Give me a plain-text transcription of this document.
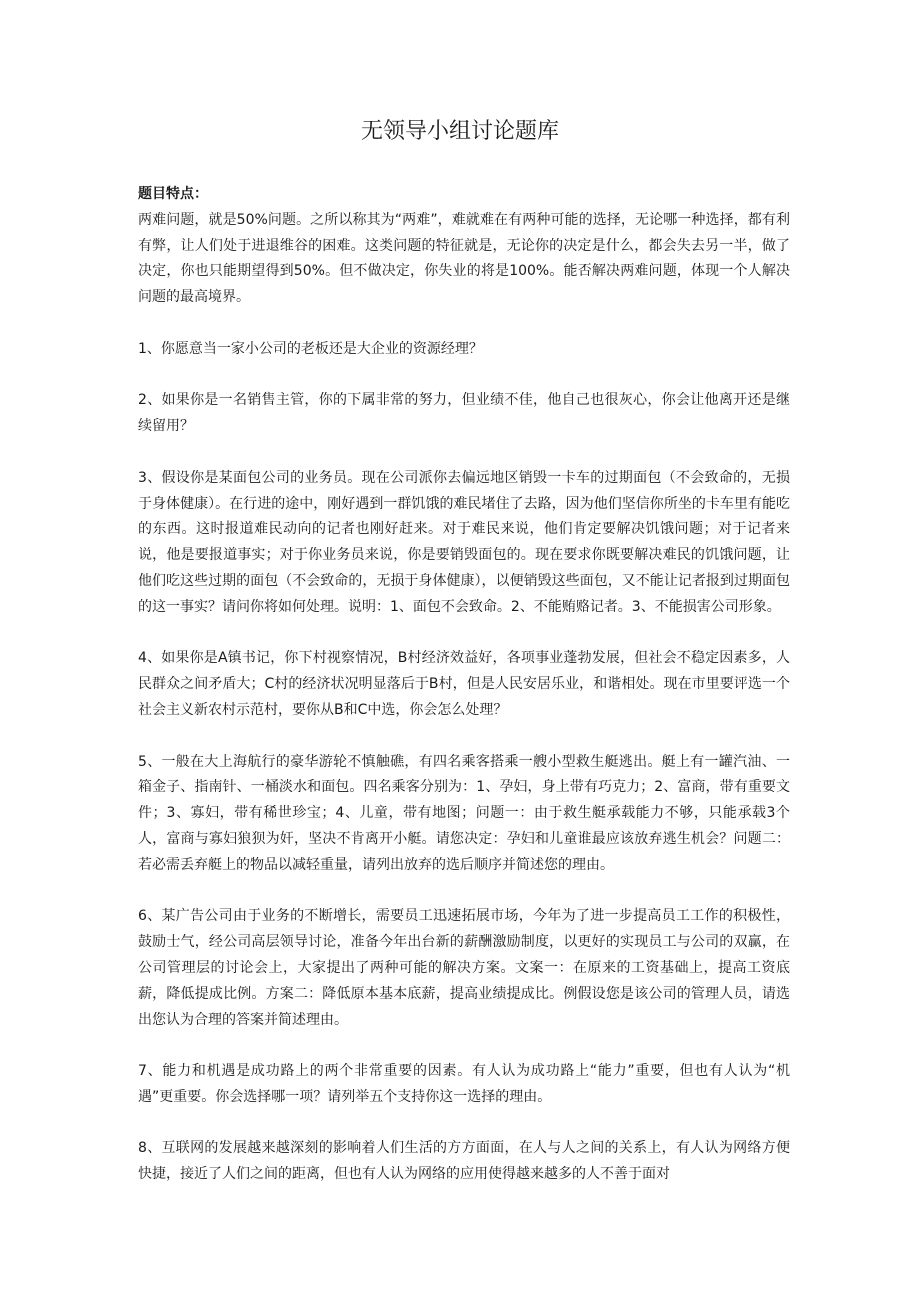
无领导小组讨论题库

题目特点：

两难问题，就是50%问题。之所以称其为“两难”，难就难在有两种可能的选择，无论哪一种选择，都有利有弊，让人们处于进退维谷的困难。这类问题的特征就是，无论你的决定是什么，都会失去另一半，做了决定，你也只能期望得到50%。但不做决定，你失业的将是100%。能否解决两难问题，体现一个人解决问题的最高境界。

1、你愿意当一家小公司的老板还是大企业的资源经理？

2、如果你是一名销售主管，你的下属非常的努力，但业绩不佳，他自己也很灰心，你会让他离开还是继续留用？

3、假设你是某面包公司的业务员。现在公司派你去偏远地区销毁一卡车的过期面包（不会致命的，无损于身体健康）。在行进的途中，刚好遇到一群饥饿的难民堵住了去路，因为他们坚信你所坐的卡车里有能吃的东西。这时报道难民动向的记者也刚好赶来。对于难民来说，他们肯定要解决饥饿问题；对于记者来说，他是要报道事实；对于你业务员来说，你是要销毁面包的。现在要求你既要解决难民的饥饿问题，让他们吃这些过期的面包（不会致命的，无损于身体健康），以便销毁这些面包，又不能让记者报到过期面包的这一事实？请问你将如何处理。说明：1、面包不会致命。2、不能贿赂记者。3、不能损害公司形象。

4、如果你是A镇书记，你下村视察情况，B村经济效益好，各项事业蓬勃发展，但社会不稳定因素多，人民群众之间矛盾大；C村的经济状况明显落后于B村，但是人民安居乐业，和谐相处。现在市里要评选一个社会主义新农村示范村，要你从B和C中选，你会怎么处理？

5、一般在大上海航行的豪华游轮不慎触礁，有四名乘客搭乘一艘小型救生艇逃出。艇上有一罐汽油、一箱金子、指南针、一桶淡水和面包。四名乘客分别为：1、孕妇，身上带有巧克力；2、富商，带有重要文件；3、寡妇，带有稀世珍宝；4、儿童，带有地图；问题一：由于救生艇承载能力不够，只能承载3个人，富商与寡妇狼狈为奸，坚决不肯离开小艇。请您决定：孕妇和儿童谁最应该放弃逃生机会？问题二：若必需丢弃艇上的物品以减轻重量，请列出放弃的选后顺序并简述您的理由。

6、某广告公司由于业务的不断增长，需要员工迅速拓展市场，今年为了进一步提高员工工作的积极性，鼓励士气，经公司高层领导讨论，准备今年出台新的薪酬激励制度，以更好的实现员工与公司的双赢，在公司管理层的讨论会上，大家提出了两种可能的解决方案。文案一：在原来的工资基础上，提高工资底薪，降低提成比例。方案二：降低原本基本底薪，提高业绩提成比。例假设您是该公司的管理人员，请选出您认为合理的答案并简述理由。

7、能力和机遇是成功路上的两个非常重要的因素。有人认为成功路上“能力”重要，但也有人认为“机遇”更重要。你会选择哪一项？请列举五个支持你这一选择的理由。

8、互联网的发展越来越深刻的影响着人们生活的方方面面，在人与人之间的关系上，有人认为网络方便快捷，接近了人们之间的距离，但也有人认为网络的应用使得越来越多的人不善于面对
